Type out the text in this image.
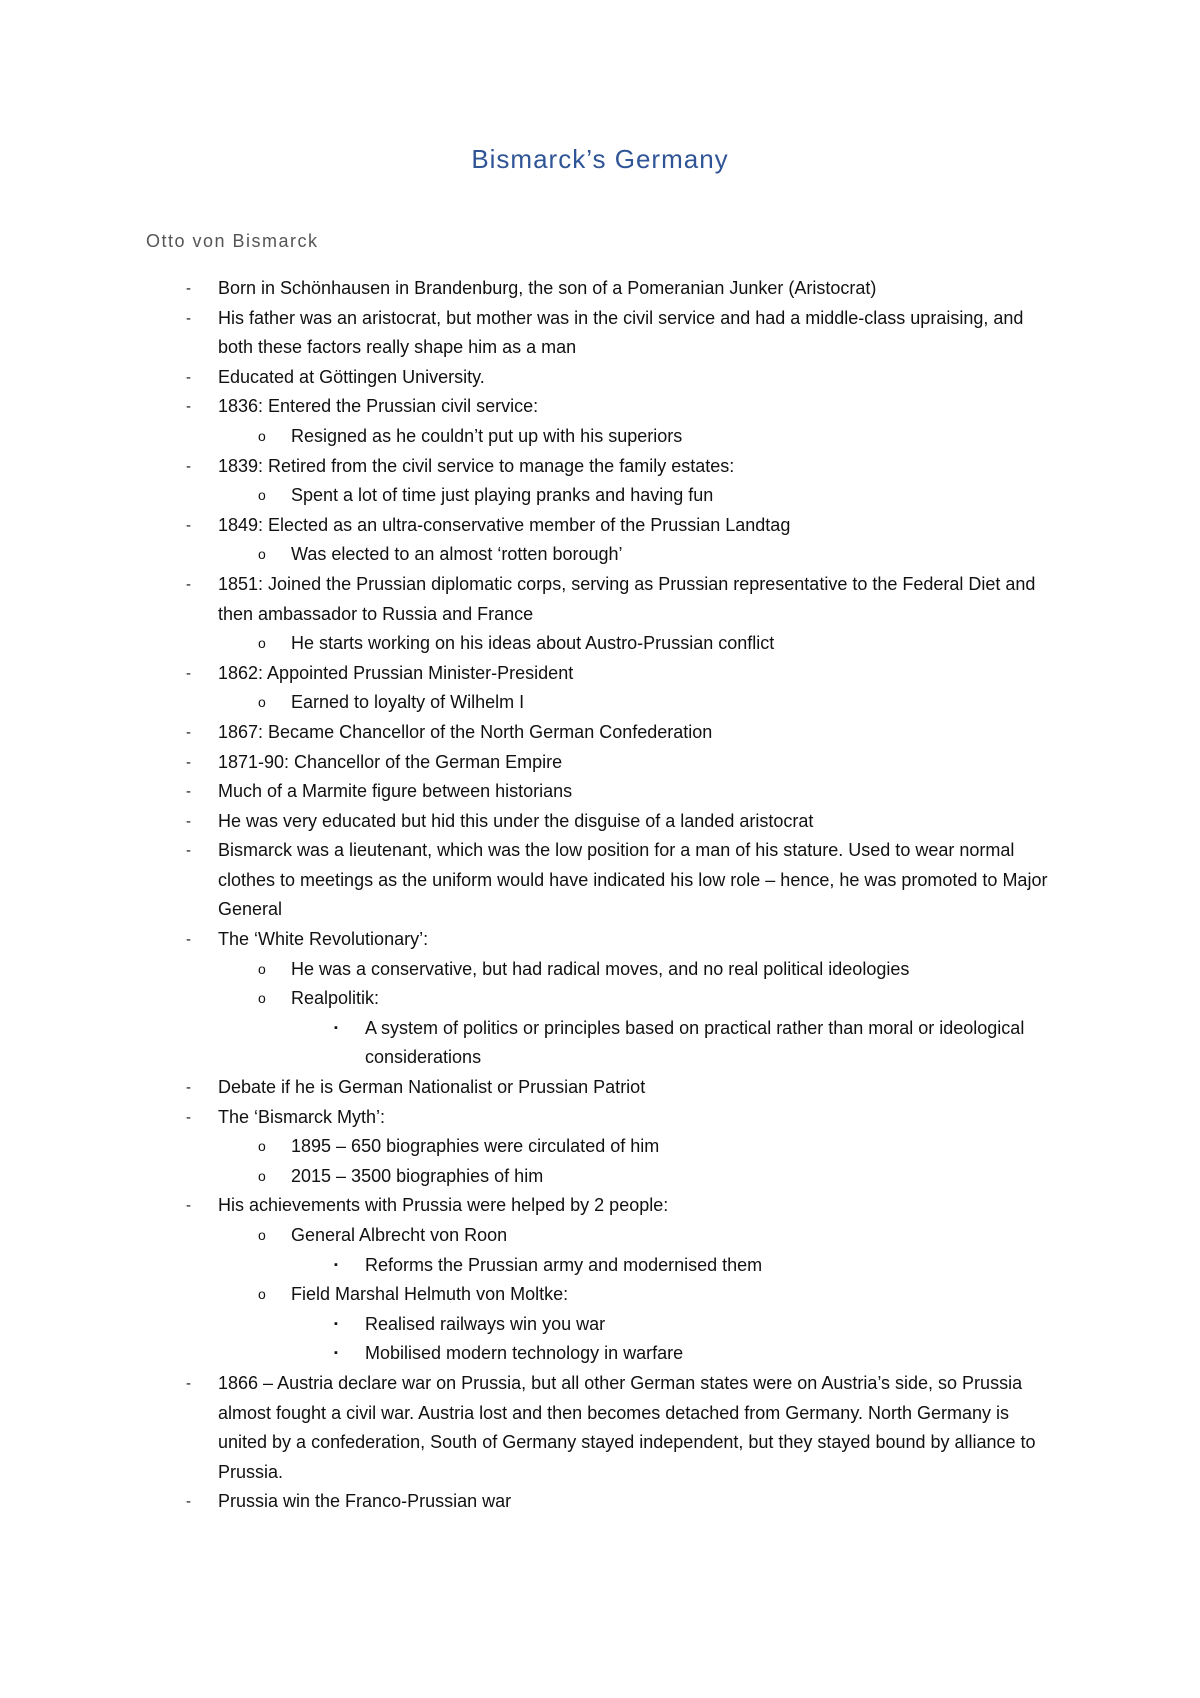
Bismarck’s Germany
Otto von Bismarck
- Born in Schönhausen in Brandenburg, the son of a Pomeranian Junker (Aristocrat)
- His father was an aristocrat, but mother was in the civil service and had a middle-class upraising, and both these factors really shape him as a man
- Educated at Göttingen University.
- 1836: Entered the Prussian civil service:
o Resigned as he couldn’t put up with his superiors
- 1839: Retired from the civil service to manage the family estates:
o Spent a lot of time just playing pranks and having fun
- 1849: Elected as an ultra-conservative member of the Prussian Landtag
o Was elected to an almost ‘rotten borough’
- 1851: Joined the Prussian diplomatic corps, serving as Prussian representative to the Federal Diet and then ambassador to Russia and France
o He starts working on his ideas about Austro-Prussian conflict
- 1862: Appointed Prussian Minister-President
o Earned to loyalty of Wilhelm I
- 1867: Became Chancellor of the North German Confederation
- 1871-90: Chancellor of the German Empire
- Much of a Marmite figure between historians
- He was very educated but hid this under the disguise of a landed aristocrat
- Bismarck was a lieutenant, which was the low position for a man of his stature. Used to wear normal clothes to meetings as the uniform would have indicated his low role – hence, he was promoted to Major General
- The ‘White Revolutionary’:
o He was a conservative, but had radical moves, and no real political ideologies
o Realpolitik:
▪ A system of politics or principles based on practical rather than moral or ideological considerations
- Debate if he is German Nationalist or Prussian Patriot
- The ‘Bismarck Myth’:
o 1895 – 650 biographies were circulated of him
o 2015 – 3500 biographies of him
- His achievements with Prussia were helped by 2 people:
o General Albrecht von Roon
▪ Reforms the Prussian army and modernised them
o Field Marshal Helmuth von Moltke:
▪ Realised railways win you war
▪ Mobilised modern technology in warfare
- 1866 – Austria declare war on Prussia, but all other German states were on Austria’s side, so Prussia almost fought a civil war. Austria lost and then becomes detached from Germany. North Germany is united by a confederation, South of Germany stayed independent, but they stayed bound by alliance to Prussia.
- Prussia win the Franco-Prussian war
